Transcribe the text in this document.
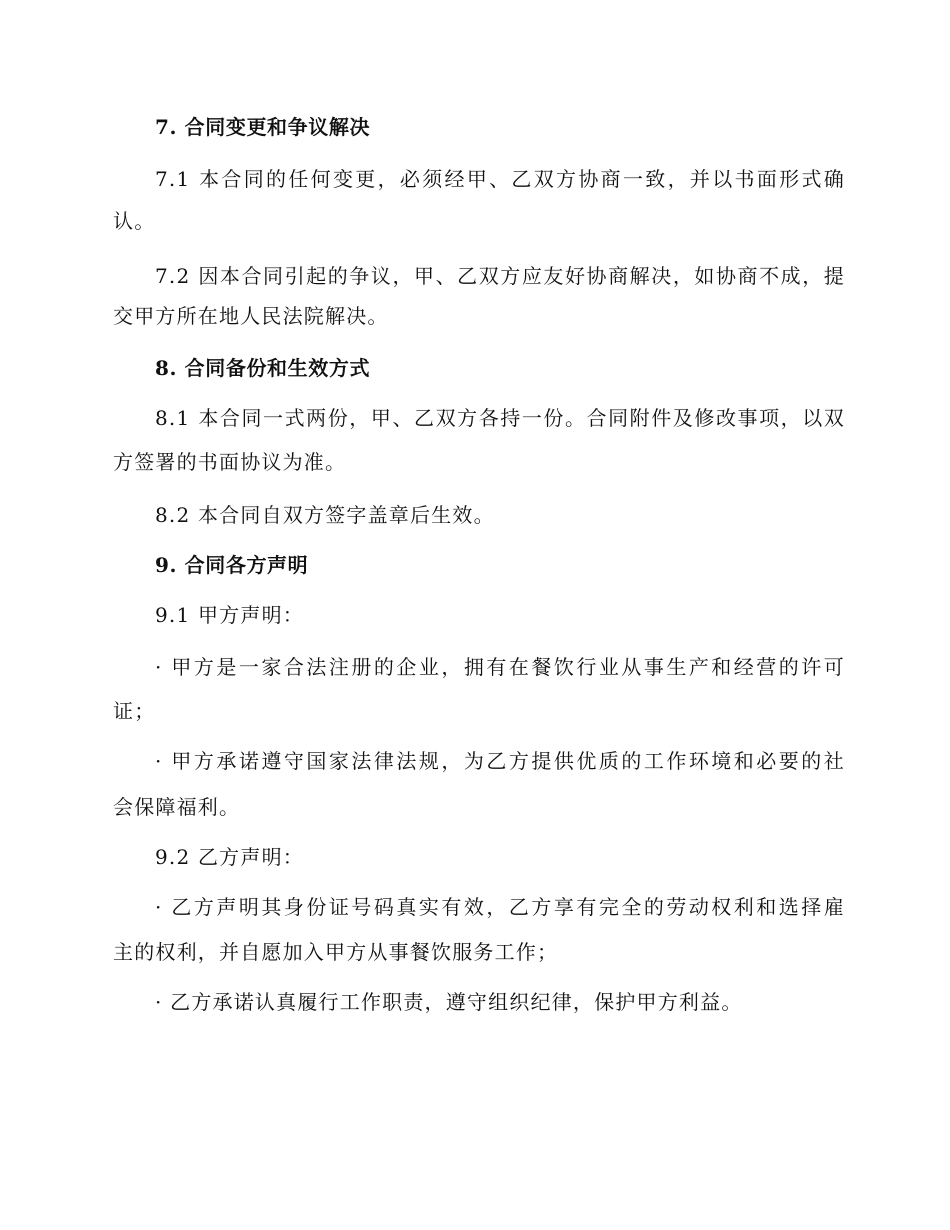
7. 合同变更和争议解决
7.1 本合同的任何变更，必须经甲、乙双方协商一致，并以书面形式确
认。
7.2 因本合同引起的争议，甲、乙双方应友好协商解决，如协商不成，提
交甲方所在地人民法院解决。
8. 合同备份和生效方式
8.1 本合同一式两份，甲、乙双方各持一份。合同附件及修改事项，以双
方签署的书面协议为准。
8.2 本合同自双方签字盖章后生效。
9. 合同各方声明
9.1 甲方声明：
· 甲方是一家合法注册的企业，拥有在餐饮行业从事生产和经营的许可
证；
· 甲方承诺遵守国家法律法规，为乙方提供优质的工作环境和必要的社
会保障福利。
9.2 乙方声明：
· 乙方声明其身份证号码真实有效，乙方享有完全的劳动权利和选择雇
主的权利，并自愿加入甲方从事餐饮服务工作；
· 乙方承诺认真履行工作职责，遵守组织纪律，保护甲方利益。
